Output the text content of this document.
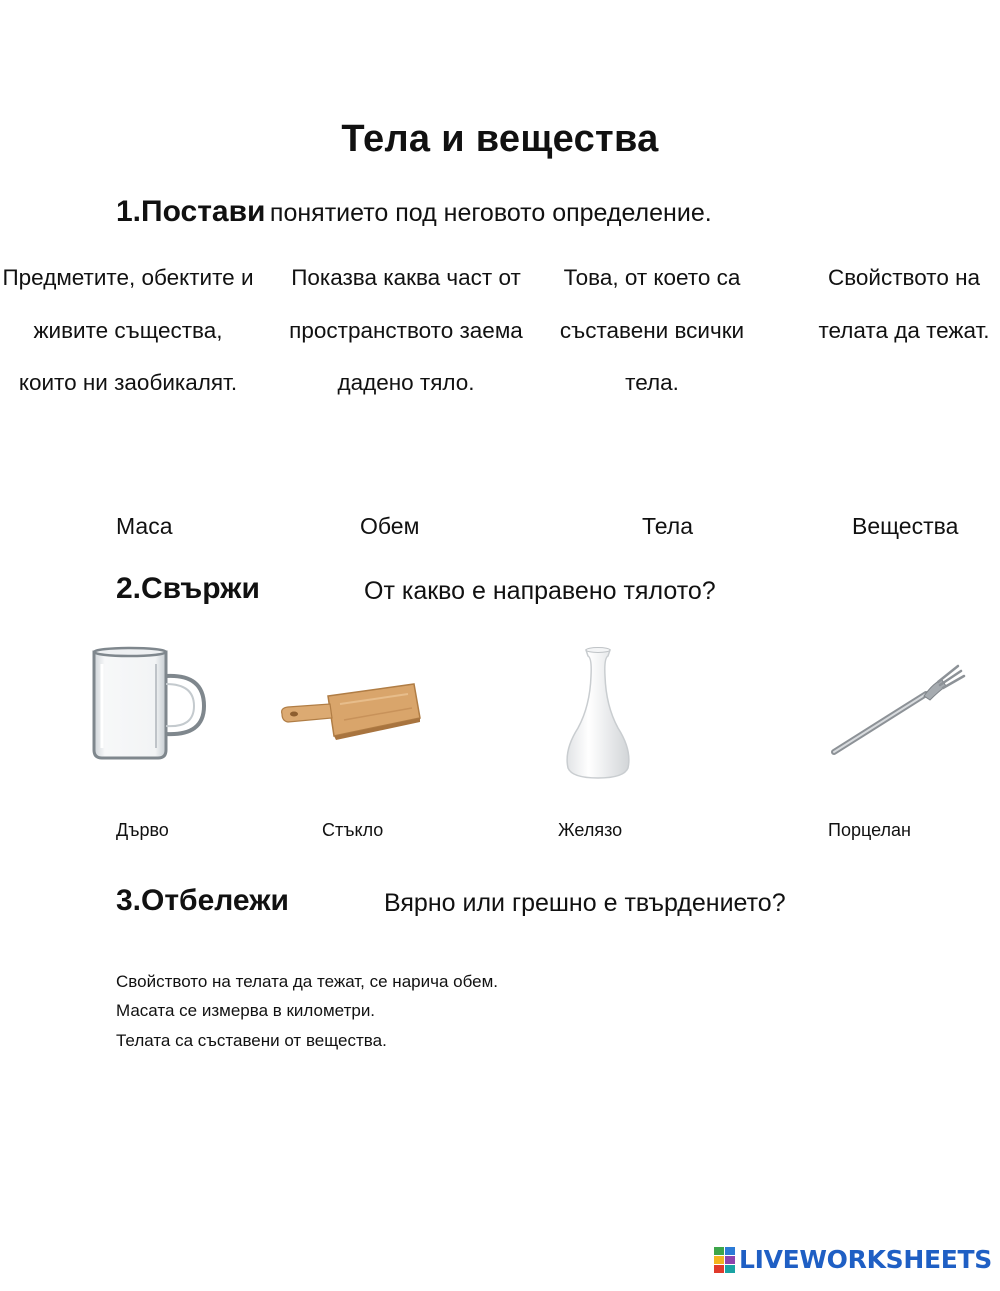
Тела и вещества
1.Постави понятието под неговото определение.
Предметите, обектите и живите същества, които ни заобикалят.
Показва каква част от пространството заема дадено тяло.
Това, от което са съставени всички тела.
Свойството на телата да тежат.
Маса	Обем	Тела	Вещества
2.Свържи	От какво е направено тялото?
Дърво	Стъкло	Желязо	Порцелан
3.Отбележи	Вярно или грешно е твърдението?
Свойството на телата да тежат, се нарича обем.
Масата се измерва в километри.
Телата са съставени от вещества.
LIVEWORKSHEETS
